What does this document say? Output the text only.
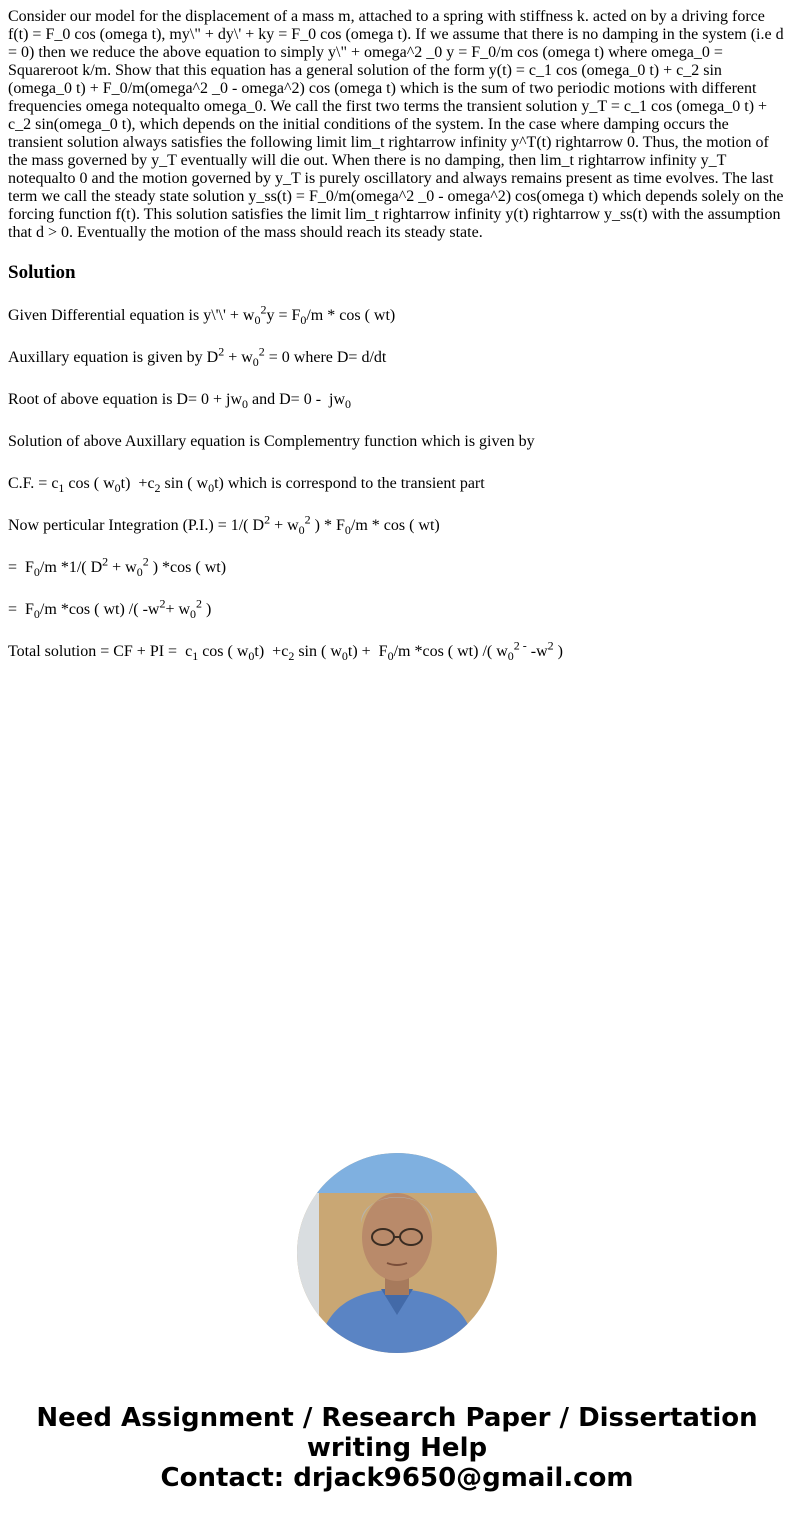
Consider our model for the displacement of a mass m, attached to a spring with stiffness k. acted on by a driving force f(t) = F_0 cos (omega t), my\" + dy\' + ky = F_0 cos (omega t). If we assume that there is no damping in the system (i.e d = 0) then we reduce the above equation to simply y\" + omega^2 _0 y = F_0/m cos (omega t) where omega_0 = Squareroot k/m. Show that this equation has a general solution of the form y(t) = c_1 cos (omega_0 t) + c_2 sin (omega_0 t) + F_0/m(omega^2 _0 - omega^2) cos (omega t) which is the sum of two periodic motions with different frequencies omega notequalto omega_0. We call the first two terms the transient solution y_T = c_1 cos (omega_0 t) + c_2 sin(omega_0 t), which depends on the initial conditions of the system. In the case where damping occurs the transient solution always satisfies the following limit lim_t rightarrow infinity y^T(t) rightarrow 0. Thus, the motion of the mass governed by y_T eventually will die out. When there is no damping, then lim_t rightarrow infinity y_T notequalto 0 and the motion governed by y_T is purely oscillatory and always remains present as time evolves. The last term we call the steady state solution y_ss(t) = F_0/m(omega^2 _0 - omega^2) cos(omega t) which depends solely on the forcing function f(t). This solution satisfies the limit lim_t rightarrow infinity y(t) rightarrow y_ss(t) with the assumption that d > 0. Eventually the motion of the mass should reach its steady state.

Solution
Given Differential equation is y\'\' + $w_0^2y = F_0/m * \cos$ ( wt)
Auxillary equation is given by $D^2 + w_0^2 = 0$ where D= d/dt
Root of above equation is $D= 0 + jw_0$ and $D= 0 - jw_0$
Solution of above Auxillary equation is Complementry function which is given by
C.F. = $c_1$ cos ( $w_0t) +c_2$ sin ( $w_0t$) which is correspond to the transient part
Now perticular Integration (P.I.) = 1/( $D^2 + w_0^2$ ) * $F_0/m$ * cos ( wt)
=  $F_0/m$ *1/( $D^2 + w_0^2$ ) *cos ( wt)
=  $F_0/m$ *cos ( wt) /( $-w^2+ w_0^2$ )
Total solution = CF + PI =  $c_1$ cos ( $w_0t) +c_2$ sin ( $w_0t) + F_0/m$ *cos ( wt) /( $w_0^{2 -}$ $-w^2$ )
Need Assignment / Research Paper / Dissertation
writing Help
Contact: drjack9650@gmail.com
